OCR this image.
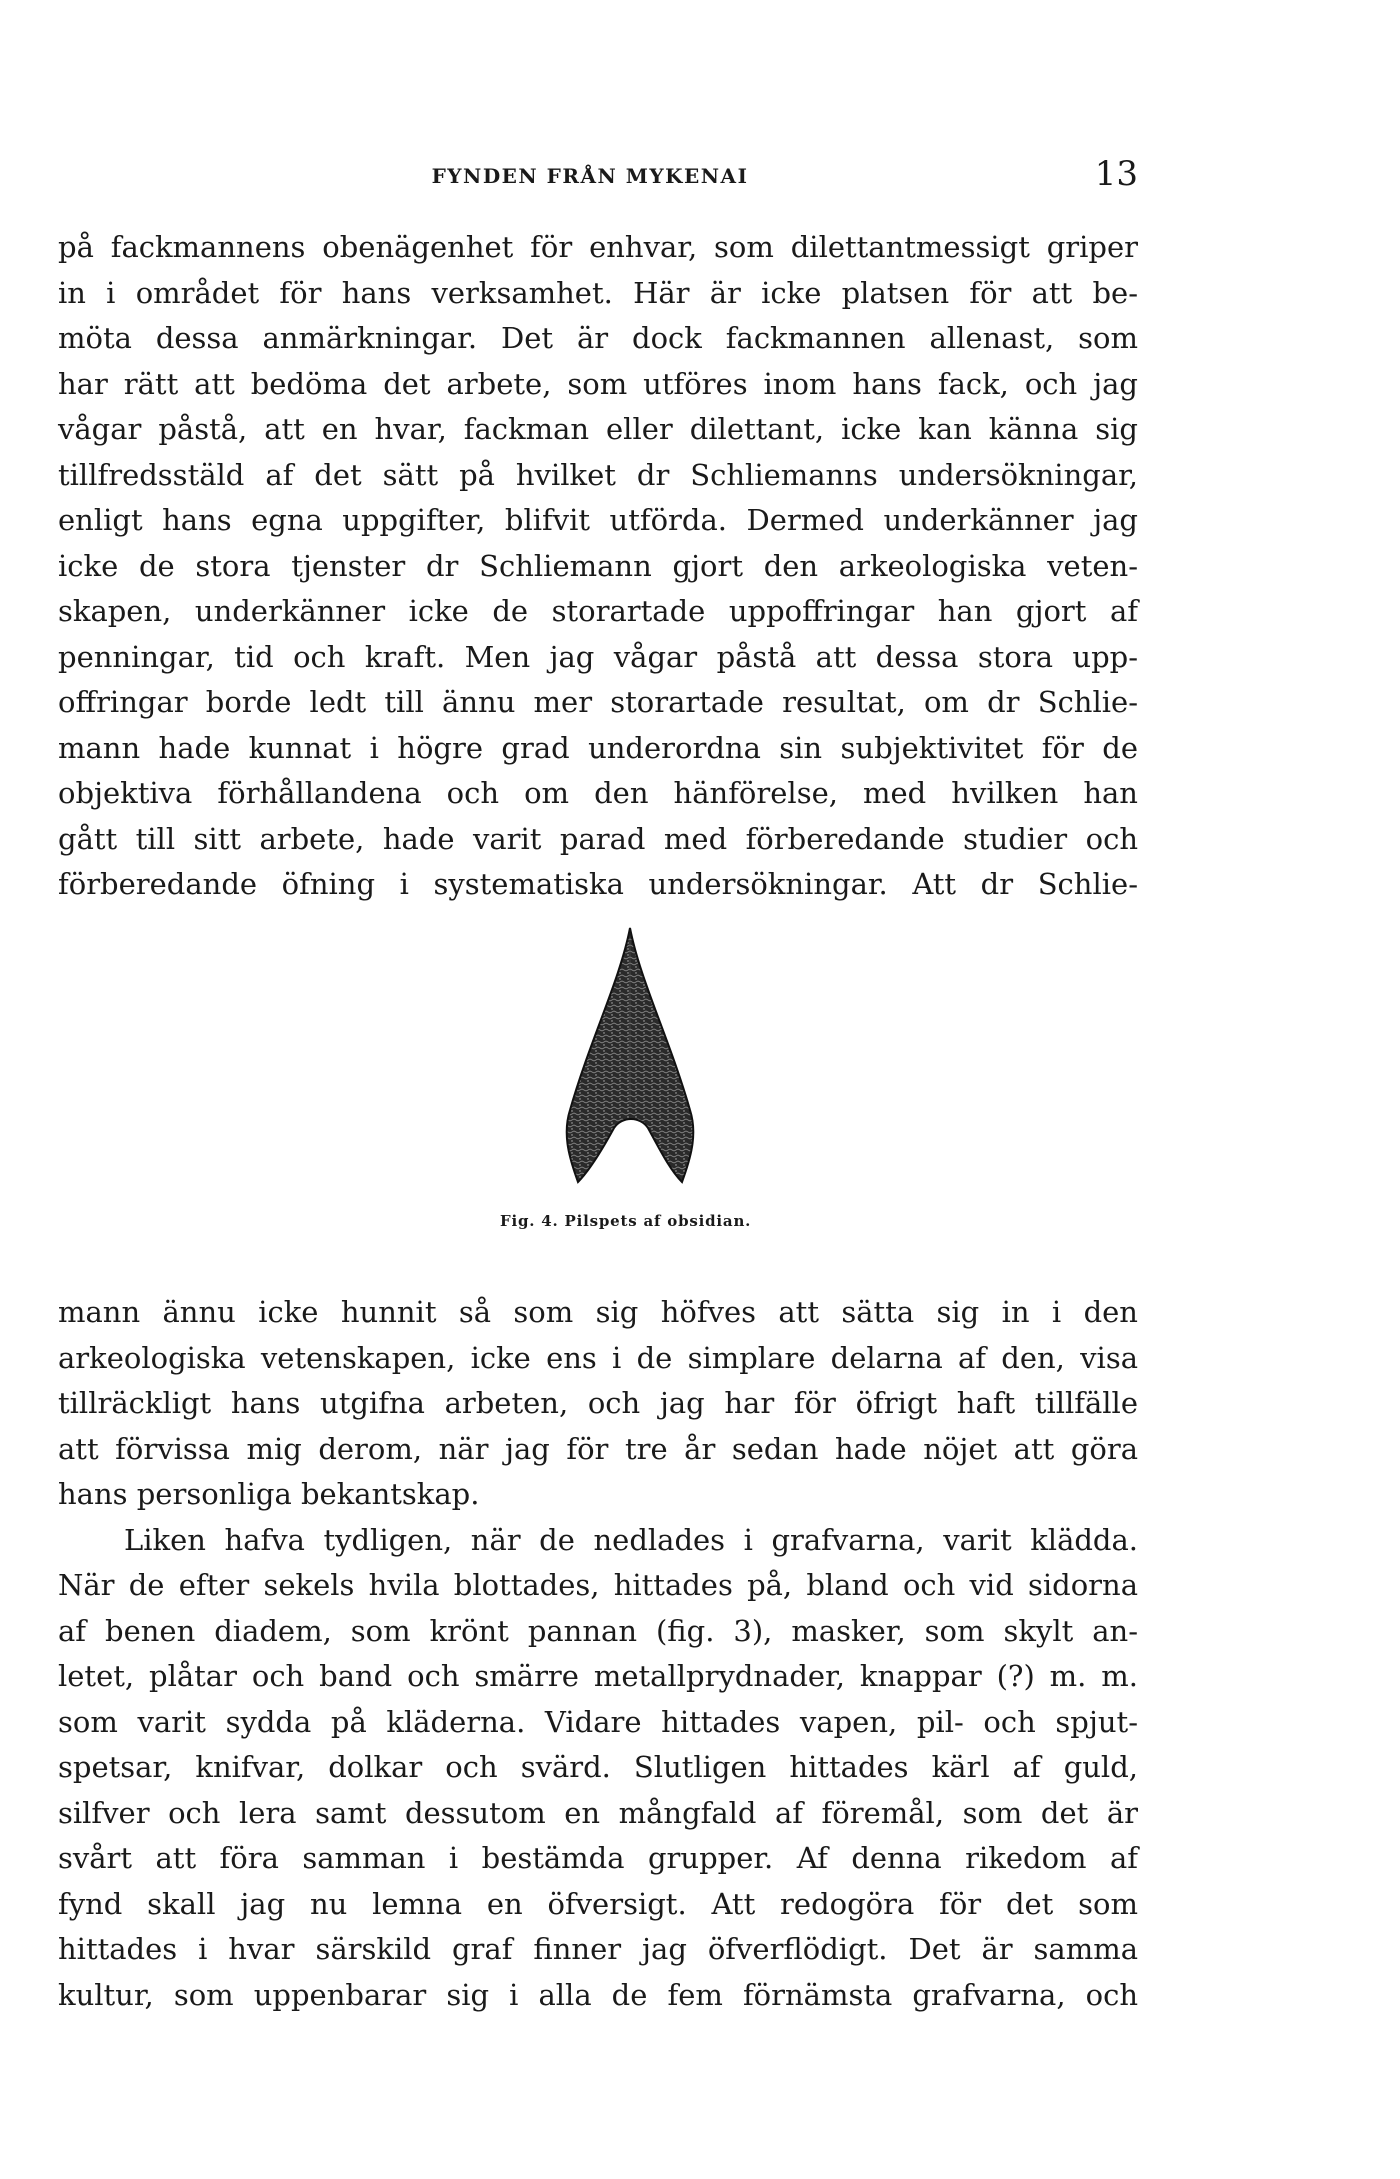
FYNDEN FRÅN MYKENAI	13
på fackmannens obenägenhet för enhvar, som dilettantmessigt griper
in i området för hans verksamhet. Här är icke platsen för att be-
möta dessa anmärkningar. Det är dock fackmannen allenast, som
har rätt att bedöma det arbete, som utföres inom hans fack, och jag
vågar påstå, att en hvar, fackman eller dilettant, icke kan känna sig
tillfredsstäld af det sätt på hvilket dr Schliemanns undersökningar,
enligt hans egna uppgifter, blifvit utförda. Dermed underkänner jag
icke de stora tjenster dr Schliemann gjort den arkeologiska veten-
skapen, underkänner icke de storartade uppoffringar han gjort af
penningar, tid och kraft. Men jag vågar påstå att dessa stora upp-
offringar borde ledt till ännu mer storartade resultat, om dr Schlie-
mann hade kunnat i högre grad underordna sin subjektivitet för de
objektiva förhållandena och om den hänförelse, med hvilken han
gått till sitt arbete, hade varit parad med förberedande studier och
förberedande öfning i systematiska undersökningar. Att dr Schlie-
Fig. 4. Pilspets af obsidian.
mann ännu icke hunnit så som sig höfves att sätta sig in i den
arkeologiska vetenskapen, icke ens i de simplare delarna af den, visa
tillräckligt hans utgifna arbeten, och jag har för öfrigt haft tillfälle
att förvissa mig derom, när jag för tre år sedan hade nöjet att göra
hans personliga bekantskap.
Liken hafva tydligen, när de nedlades i grafvarna, varit klädda.
När de efter sekels hvila blottades, hittades på, bland och vid sidorna
af benen diadem, som krönt pannan (fig. 3), masker, som skylt an-
letet, plåtar och band och smärre metallprydnader, knappar (?) m. m.
som varit sydda på kläderna. Vidare hittades vapen, pil- och spjut-
spetsar, knifvar, dolkar och svärd. Slutligen hittades kärl af guld,
silfver och lera samt dessutom en mångfald af föremål, som det är
svårt att föra samman i bestämda grupper. Af denna rikedom af
fynd skall jag nu lemna en öfversigt. Att redogöra för det som
hittades i hvar särskild graf finner jag öfverflödigt. Det är samma
kultur, som uppenbarar sig i alla de fem förnämsta grafvarna, och
